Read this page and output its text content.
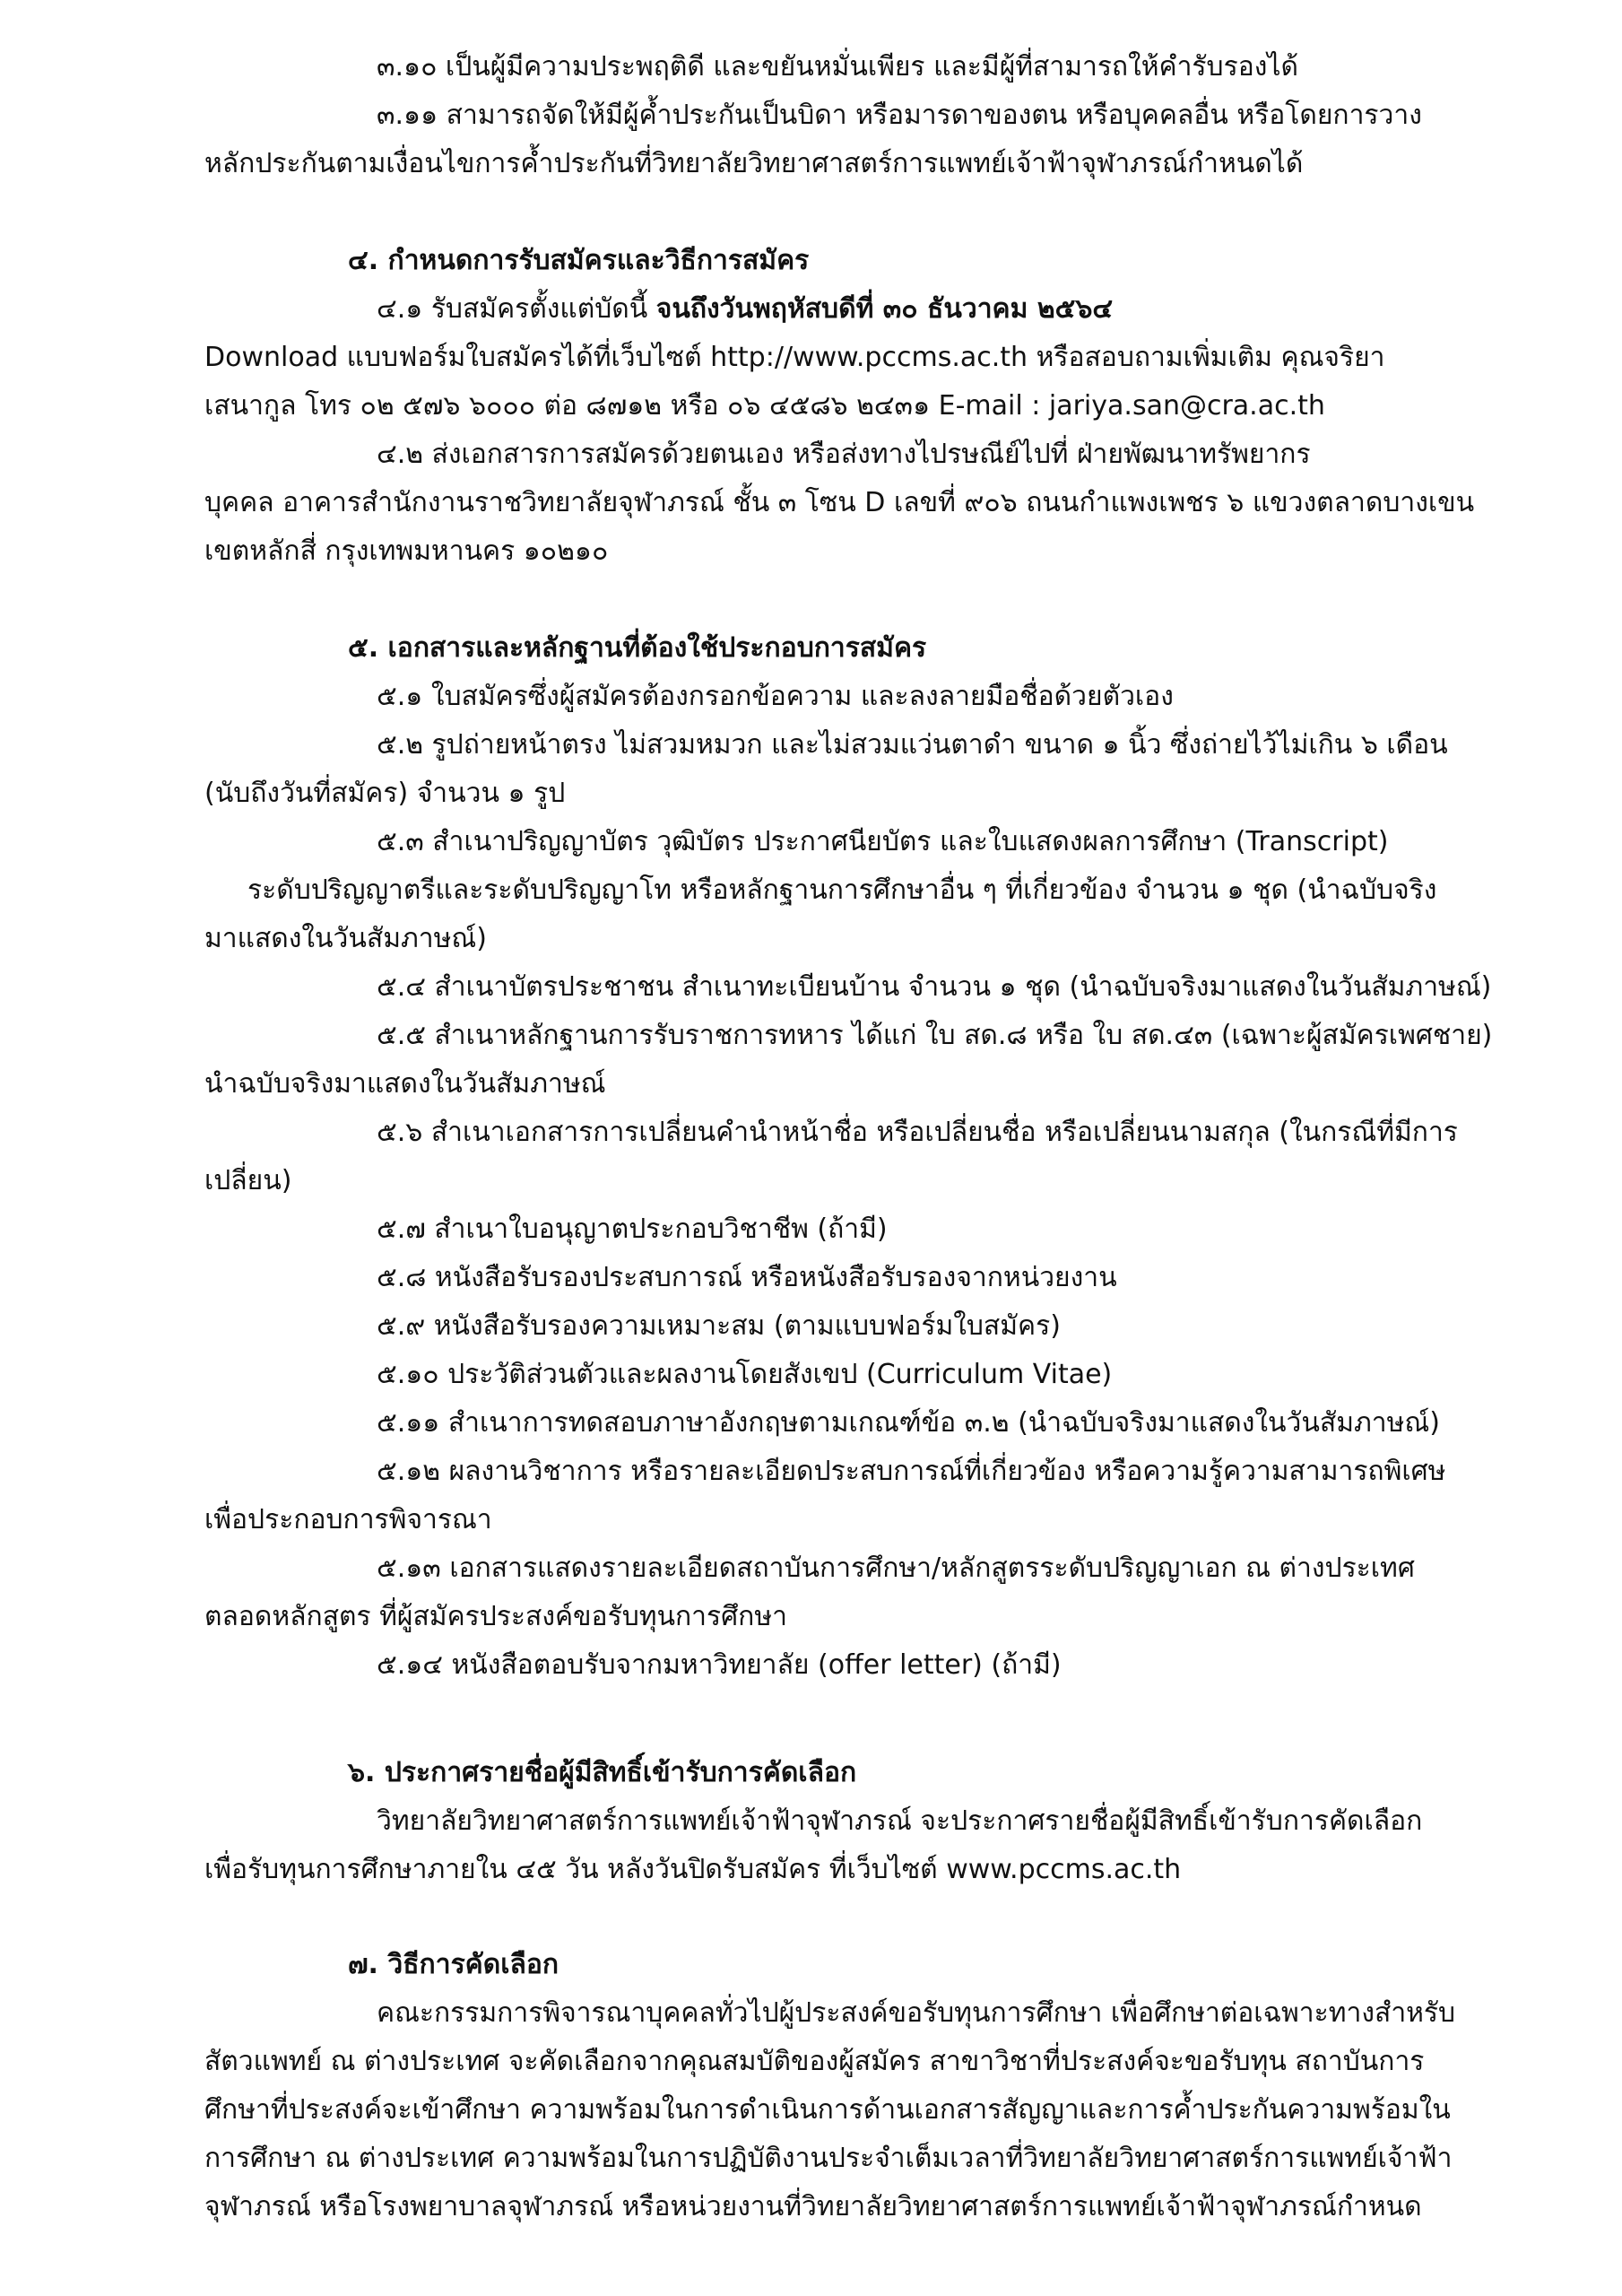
๓.๑๐ เป็นผู้มีความประพฤติดี และขยันหมั่นเพียร และมีผู้ที่สามารถให้คำรับรองได้
๓.๑๑ สามารถจัดให้มีผู้ค้ำประกันเป็นบิดา หรือมารดาของตน หรือบุคคลอื่น หรือโดยการวาง
หลักประกันตามเงื่อนไขการค้ำประกันที่วิทยาลัยวิทยาศาสตร์การแพทย์เจ้าฟ้าจุฬาภรณ์กำหนดได้
๔. กำหนดการรับสมัครและวิธีการสมัคร
๔.๑ รับสมัครตั้งแต่บัดนี้ จนถึงวันพฤหัสบดีที่ ๓๐ ธันวาคม ๒๕๖๔
Download แบบฟอร์มใบสมัครได้ที่เว็บไซต์ http://www.pccms.ac.th หรือสอบถามเพิ่มเติม คุณจริยา
เสนากูล โทร ๐๒ ๕๗๖ ๖๐๐๐ ต่อ ๘๗๑๒ หรือ ๐๖ ๔๕๘๖ ๒๔๓๑ E-mail : jariya.san@cra.ac.th
๔.๒ ส่งเอกสารการสมัครด้วยตนเอง หรือส่งทางไปรษณีย์ไปที่ ฝ่ายพัฒนาทรัพยากร
บุคคล อาคารสำนักงานราชวิทยาลัยจุฬาภรณ์ ชั้น ๓ โซน D เลขที่ ๙๐๖ ถนนกำแพงเพชร ๖ แขวงตลาดบางเขน
เขตหลักสี่ กรุงเทพมหานคร ๑๐๒๑๐
๕. เอกสารและหลักฐานที่ต้องใช้ประกอบการสมัคร
๕.๑ ใบสมัครซึ่งผู้สมัครต้องกรอกข้อความ และลงลายมือชื่อด้วยตัวเอง
๕.๒ รูปถ่ายหน้าตรง ไม่สวมหมวก และไม่สวมแว่นตาดำ ขนาด ๑ นิ้ว ซึ่งถ่ายไว้ไม่เกิน ๖ เดือน
(นับถึงวันที่สมัคร) จำนวน ๑ รูป
๕.๓ สำเนาปริญญาบัตร วุฒิบัตร ประกาศนียบัตร และใบแสดงผลการศึกษา (Transcript)
ระดับปริญญาตรีและระดับปริญญาโท หรือหลักฐานการศึกษาอื่น ๆ ที่เกี่ยวข้อง จำนวน ๑ ชุด (นำฉบับจริง
มาแสดงในวันสัมภาษณ์)
๕.๔ สำเนาบัตรประชาชน สำเนาทะเบียนบ้าน จำนวน ๑ ชุด (นำฉบับจริงมาแสดงในวันสัมภาษณ์)
๕.๕ สำเนาหลักฐานการรับราชการทหาร ได้แก่ ใบ สด.๘ หรือ ใบ สด.๔๓ (เฉพาะผู้สมัครเพศชาย)
นำฉบับจริงมาแสดงในวันสัมภาษณ์
๕.๖ สำเนาเอกสารการเปลี่ยนคำนำหน้าชื่อ หรือเปลี่ยนชื่อ หรือเปลี่ยนนามสกุล (ในกรณีที่มีการ
เปลี่ยน)
๕.๗ สำเนาใบอนุญาตประกอบวิชาชีพ (ถ้ามี)
๕.๘ หนังสือรับรองประสบการณ์ หรือหนังสือรับรองจากหน่วยงาน
๕.๙ หนังสือรับรองความเหมาะสม (ตามแบบฟอร์มใบสมัคร)
๕.๑๐ ประวัติส่วนตัวและผลงานโดยสังเขป (Curriculum Vitae)
๕.๑๑ สำเนาการทดสอบภาษาอังกฤษตามเกณฑ์ข้อ ๓.๒ (นำฉบับจริงมาแสดงในวันสัมภาษณ์)
๕.๑๒ ผลงานวิชาการ หรือรายละเอียดประสบการณ์ที่เกี่ยวข้อง หรือความรู้ความสามารถพิเศษ
เพื่อประกอบการพิจารณา
๕.๑๓ เอกสารแสดงรายละเอียดสถาบันการศึกษา/หลักสูตรระดับปริญญาเอก ณ ต่างประเทศ
ตลอดหลักสูตร ที่ผู้สมัครประสงค์ขอรับทุนการศึกษา
๕.๑๔ หนังสือตอบรับจากมหาวิทยาลัย (offer letter) (ถ้ามี)
๖. ประกาศรายชื่อผู้มีสิทธิ์เข้ารับการคัดเลือก
วิทยาลัยวิทยาศาสตร์การแพทย์เจ้าฟ้าจุฬาภรณ์ จะประกาศรายชื่อผู้มีสิทธิ์เข้ารับการคัดเลือก
เพื่อรับทุนการศึกษาภายใน ๔๕ วัน หลังวันปิดรับสมัคร ที่เว็บไซต์ www.pccms.ac.th
๗. วิธีการคัดเลือก
คณะกรรมการพิจารณาบุคคลทั่วไปผู้ประสงค์ขอรับทุนการศึกษา เพื่อศึกษาต่อเฉพาะทางสำหรับ
สัตวแพทย์ ณ ต่างประเทศ จะคัดเลือกจากคุณสมบัติของผู้สมัคร สาขาวิชาที่ประสงค์จะขอรับทุน สถาบันการ
ศึกษาที่ประสงค์จะเข้าศึกษา ความพร้อมในการดำเนินการด้านเอกสารสัญญาและการค้ำประกันความพร้อมใน
การศึกษา ณ ต่างประเทศ ความพร้อมในการปฏิบัติงานประจำเต็มเวลาที่วิทยาลัยวิทยาศาสตร์การแพทย์เจ้าฟ้า
จุฬาภรณ์ หรือโรงพยาบาลจุฬาภรณ์ หรือหน่วยงานที่วิทยาลัยวิทยาศาสตร์การแพทย์เจ้าฟ้าจุฬาภรณ์กำหนด
